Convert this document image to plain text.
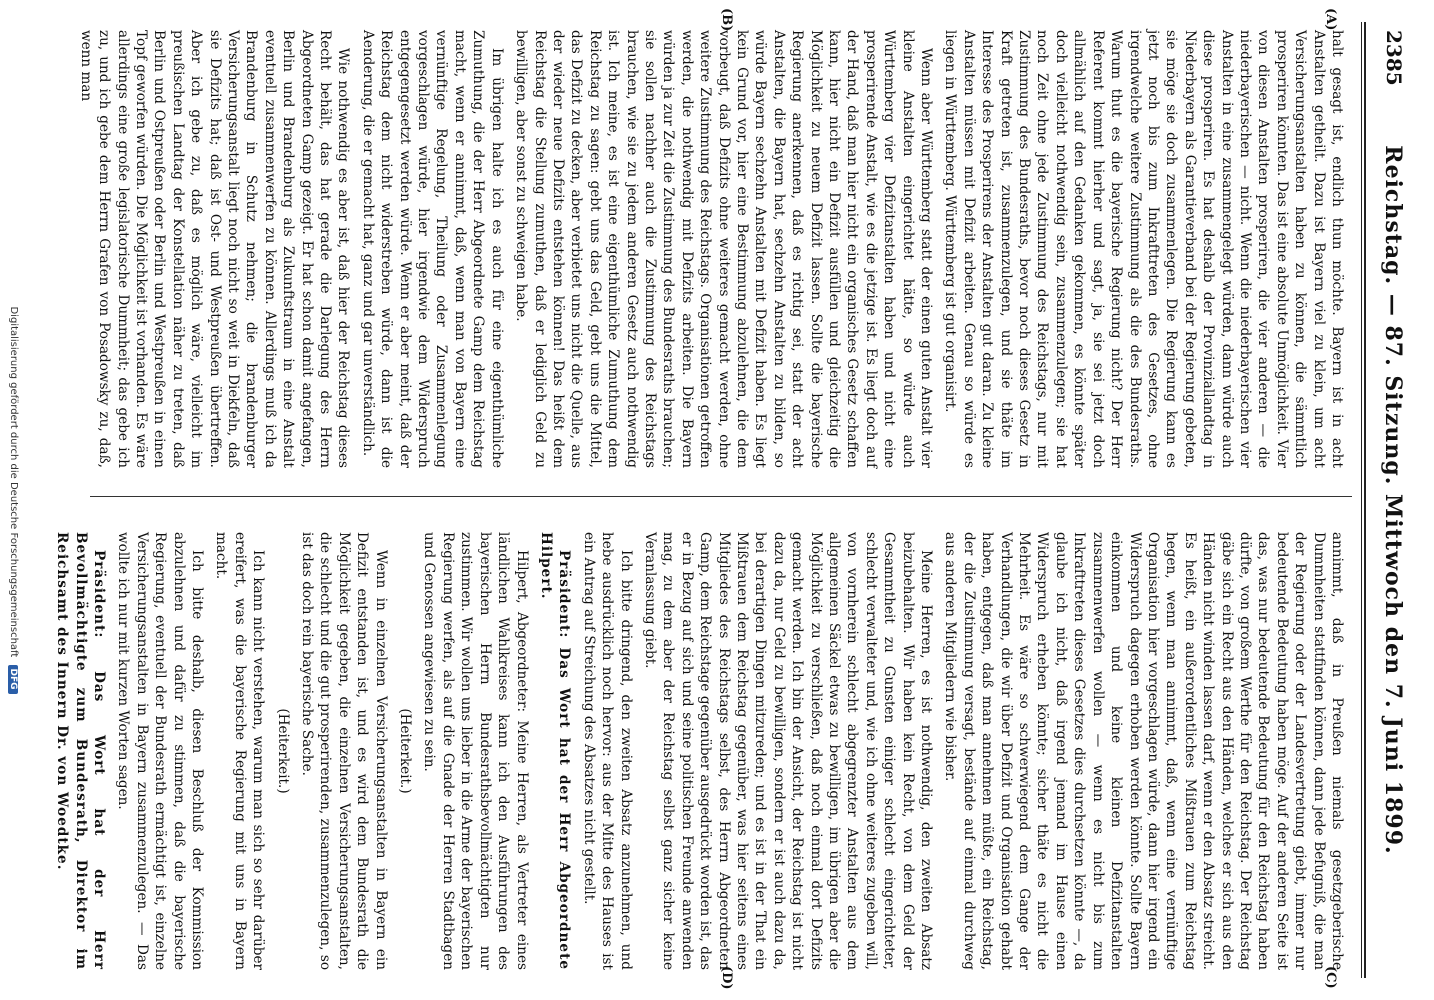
2385
Reichstag. — 87. Sitzung. Mittwoch den 7. Juni 1899.
(A)
(B)
(C)
(D)

halt gesagt ist, endlich thun möchte. Bayern ist in acht Anstalten getheilt. Dazu ist Bayern viel zu klein, um acht Versicherungsanstalten haben zu können, die sämmtlich prosperiren könnten. Das ist eine absolute Unmöglichkeit. Vier von diesen Anstalten prosperiren, die vier anderen — die niederbayerischen — nicht. Wenn die niederbayerischen vier Anstalten in eine zusammengelegt würden, dann würde auch diese prosperiren. Es hat deshalb der Provinziallandtag in Niederbayern als Garantieverband bei der Regierung gebeten, sie möge sie doch zusammenlegen. Die Regierung kann es jetzt noch bis zum Inkrafttreten des Gesetzes, ohne irgendwelche weitere Zustimmung als die des Bundesraths. Warum thut es die bayerische Regierung nicht? Der Herr Referent kommt hierher und sagt, ja, sie sei jetzt doch allmählich auf den Gedanken gekommen, es könnte später doch vielleicht nothwendig sein, zusammenzulegen; sie hat noch Zeit ohne jede Zustimmung des Reichstags, nur mit Zustimmung des Bundesraths, bevor noch dieses Gesetz in Kraft getreten ist, zusammenzulegen, und sie thäte im Interesse des Prosperirens der Anstalten gut daran. Zu kleine Anstalten müssen mit Defizit arbeiten. Genau so würde es liegen in Württemberg. Württemberg ist gut organisirt.

Wenn aber Württemberg statt der einen guten Anstalt vier kleine Anstalten eingerichtet hätte, so würde auch Württemberg vier Defizitanstalten haben und nicht eine prosperirende Anstalt, wie es die jetzige ist. Es liegt doch auf der Hand, daß man hier nicht ein organisches Gesetz schaffen kann, hier nicht ein Defizit ausfüllen und gleichzeitig die Möglichkeit zu neuem Defizit lassen. Sollte die bayerische Regierung anerkennen, daß es richtig sei, statt der acht Anstalten, die Bayern hat, sechzehn Anstalten zu bilden, so würde Bayern sechzehn Anstalten mit Defizit haben. Es liegt kein Grund vor, hier eine Bestimmung abzulehnen, die dem vorbeugt, daß Defizits ohne weiteres gemacht werden, ohne weitere Zustimmung des Reichstags. Organisationen getroffen werden, die nothwendig mit Defizits arbeiten. Die Bayern würden ja zur Zeit die Zustimmung des Bundesraths brauchen; sie sollen nachher auch die Zustimmung des Reichstags brauchen, wie sie zu jedem anderen Gesetz auch nothwendig ist. Ich meine, es ist eine eigenthümliche Zumuthung dem Reichstag zu sagen: gebt uns das Geld, gebt uns die Mittel, das Defizit zu decken, aber verbietet uns nicht die Quelle, aus der wieder neue Defizits entstehen können! Das heißt dem Reichstag die Stellung zumuthen, daß er lediglich Geld zu bewilligen, aber sonst zu schweigen habe.

Im übrigen halte ich es auch für eine eigenthümliche Zumuthung, die der Herr Abgeordnete Gamp dem Reichstag macht, wenn er annimmt, daß, wenn man von Bayern eine vernünftige Regelung, Theilung oder Zusammenlegung vorgeschlagen würde, hier irgendwie dem Widerspruch entgegengesetzt werden würde. Wenn er aber meint, daß der Reichstag dem nicht widerstreben würde, dann ist die Aenderung, die er gemacht hat, ganz und gar unverständlich.

Wie nothwendig es aber ist, daß hier der Reichstag dieses Recht behält, das hat gerade die Darlegung des Herrn Abgeordneten Gamp gezeigt. Er hat schon damit angefangen, Berlin und Brandenburg als Zukunftstraum in eine Anstalt eventuell zusammenwerfen zu können. Allerdings muß ich da Brandenburg in Schutz nehmen; die brandenburger Versicherungsanstalt liegt noch nicht so weit in Diekfeln, daß sie Defizits hat; daß ist Ost- und Westpreußen übertreffen. Aber ich gebe zu, daß es möglich wäre, vielleicht im preußischen Landtag der Konstellation näher zu treten, daß Berlin und Ostpreußen oder Berlin und Westpreußen in einen Topf geworfen würden. Die Möglichkeit ist vorhanden. Es wäre allerdings eine große legislatorische Dummheit; das gebe ich zu, und ich gebe dem Herrn Grafen von Posadowsky zu, daß, wenn man

annimmt, daß in Preußen niemals gesetzgeberische Dummheiten stattfinden können, dann jede Befugniß, die man der Regierung oder der Landesvertretung giebt, immer nur bedeutende Bedeutung haben möge. Auf der anderen Seite ist das, was nur bedeutende Bedeutung für den Reichstag haben dürfte, von großem Werthe für den Reichstag. Der Reichstag gäbe sich ein Recht aus den Händen, welches er sich aus den Händen nicht winden lassen darf, wenn er den Absatz streicht. Es heißt, ein außerordentliches Mißtrauen zum Reichstag hegen, wenn man annimmt, daß, wenn eine vernünftige Organisation hier vorgeschlagen würde, dann hier irgend ein Widerspruch dagegen erhoben werden könnte. Sollte Bayern einkommen und keine kleinen Defizitanstalten zusammenwerfen wollen — wenn es nicht bis zum Inkrafttreten dieses Gesetzes dies durchsetzen könnte —, da glaube ich nicht, daß irgend jemand im Hause einen Widerspruch erheben könnte; sicher thäte es nicht die Mehrheit. Es wäre so schwerwiegend dem Gange der Verhandlungen, die wir über Defizit und Organisation gehabt haben, entgegen, daß man annehmen müßte, ein Reichstag, der die Zustimmung versagt, bestände auf einmal durchweg aus anderen Mitgliedern wie bisher.

Meine Herren, es ist nothwendig, den zweiten Absatz beizubehalten. Wir haben kein Recht, von dem Geld der Gesammtheit zu Gunsten einiger schlecht eingerichteter, schlecht verwalteter und, wie ich ohne weiteres zugeben will, von vornherein schlecht abgegrenzter Anstalten aus dem allgemeinen Säckel etwas zu bewilligen, im übrigen aber die Möglichkeit zu verschließen, daß noch einmal dort Defizits gemacht werden. Ich bin der Ansicht, der Reichstag ist nicht dazu da, nur Geld zu bewilligen, sondern er ist auch dazu da, bei derartigen Dingen mitzureden; und es ist in der That ein Mißtrauen dem Reichstag gegenüber, was hier seitens eines Mitgliedes des Reichstags selbst, des Herrn Abgeordneten Gamp, dem Reichstage gegenüber ausgedrückt worden ist, das er in Bezug auf sich und seine politischen Freunde anwenden mag, zu dem aber der Reichstag selbst ganz sicher keine Veranlassung giebt.

Ich bitte dringend, den zweiten Absatz anzunehmen, und hebe ausdrücklich noch hervor: aus der Mitte des Hauses ist ein Antrag auf Streichung des Absatzes nicht gestellt.

Präsident: Das Wort hat der Herr Abgeordnete Hilpert.

Hilpert, Abgeordneter: Meine Herren, als Vertreter eines ländlichen Wahlkreises kann ich den Ausführungen des bayerischen Herrn Bundesrathsbevollmächtigten nur zustimmen. Wir wollen uns lieber in die Arme der bayerischen Regierung werfen, als auf die Gnade der Herren Stadtbagen und Genossen angewiesen zu sein.

(Heiterkeit.)

Wenn in einzelnen Versicherungsanstalten in Bayern ein Defizit entstanden ist, und es wird dem Bundesrath die Möglichkeit gegeben, die einzelnen Versicherungsanstalten, die schlecht und die gut prosperirenden, zusammenzulegen, so ist das doch rein bayerische Sache.

(Heiterkeit.)

Ich kann nicht verstehen, warum man sich so sehr darüber ereifert, was die bayerische Regierung mit uns in Bayern macht.

Ich bitte deshalb, diesen Beschluß der Kommission abzulehnen und dafür zu stimmen, daß die bayerische Regierung, eventuell der Bundesrath ermächtigt ist, einzelne Versicherungsanstalten in Bayern zusammenzulegen. — Das wollte ich nur mit kurzen Worten sagen.

Präsident: Das Wort hat der Herr Bevollmächtigte zum Bundesrath, Direktor im Reichsamt des Innern Dr. von Woedtke.

Digitalisierung gefördert durch die Deutsche Forschungsgemeinschaft DFG
